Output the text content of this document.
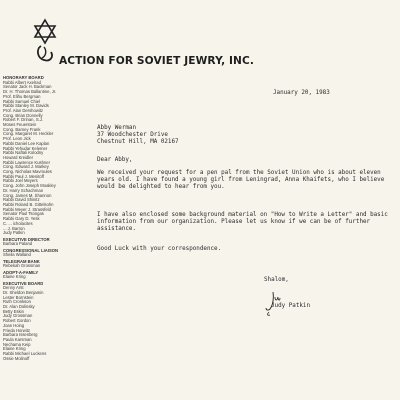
ACTION FOR SOVIET JEWRY, INC.
HONORARY BOARD
Rabbi Albert Axelrad
Senator Jack H. Backman
Dr. H. Thomas Ballantine, Jr.
Prof. Elihu Bergman
Rabbi Samuel Chiel
Rabbi Stanley M. Davids
Prof. Alan Dershowitz
Cong. Brian Donnelly
Robert F. Drinan, S.J.
Moses Feuerstein
Cong. Barney Frank
Cong. Margaret M. Heckler
Prof. Leon Jick
Rabbi Daniel Lee Kaplan
Rabbi Yehudar Kelemer
Rabbi Naftali Kolodny
Howard Kreidler
Rabbi Lawrence Kushner
Cong. Edward J. Markey
Cong. Nicholas Mavroules
Rabbi Paul J. Menitoff
Rabbi Joel Meyers
Cong. John Joseph Moakley
Dr. Harry Schachman
Cong. James M. Shannon
Rabbi David Shinitz
Rabbi Roland B. Gittelsohn
Rabbi Meyer J. Strassfeld
Senator Paul Tsongas
Rabbi Gary D. Yesk
C. ... icholacites
... J. Barron
Judy Patkin
EXECUTIVE DIRECTOR
Barbara Paland
CONGRESSIONAL LIAISON
Sheila Walland
TELEGRAM BANK
Rebekah Grossman
ADOPT-A-FAMILY
Elaine Kring
EXECUTIVE BOARD
Denny Arst
Dr. Sheldon Benjamin
Lester Bornstein
Ruth Cronkson
Dr. Alan Dolinsky
Betty Eskin
Judy Grossman
Robert Gordon
Joan Hoing
Frieda Horwitz
Barbara Issenberg
Paula Karsman
Nechama Keip
Elaine Kring
Rabbi Michael Luckens
Ossie Molinoff
January 20, 1983
Abby Werman
37 Woodchester Drive
Chestnut Hill, MA 02167
Dear Abby,
We received your request for a pen pal from the Soviet Union who is about eleven years old. I have found a young girl from Leningrad, Anna Khaifets, who I believe would be delighted to hear from you.
I have also enclosed some background material on "How to Write a Letter" and basic information from our organization. Please let us know if we can be of further assistance.
Good Luck with your correspondence.
Shalom,
Judy Patkin
